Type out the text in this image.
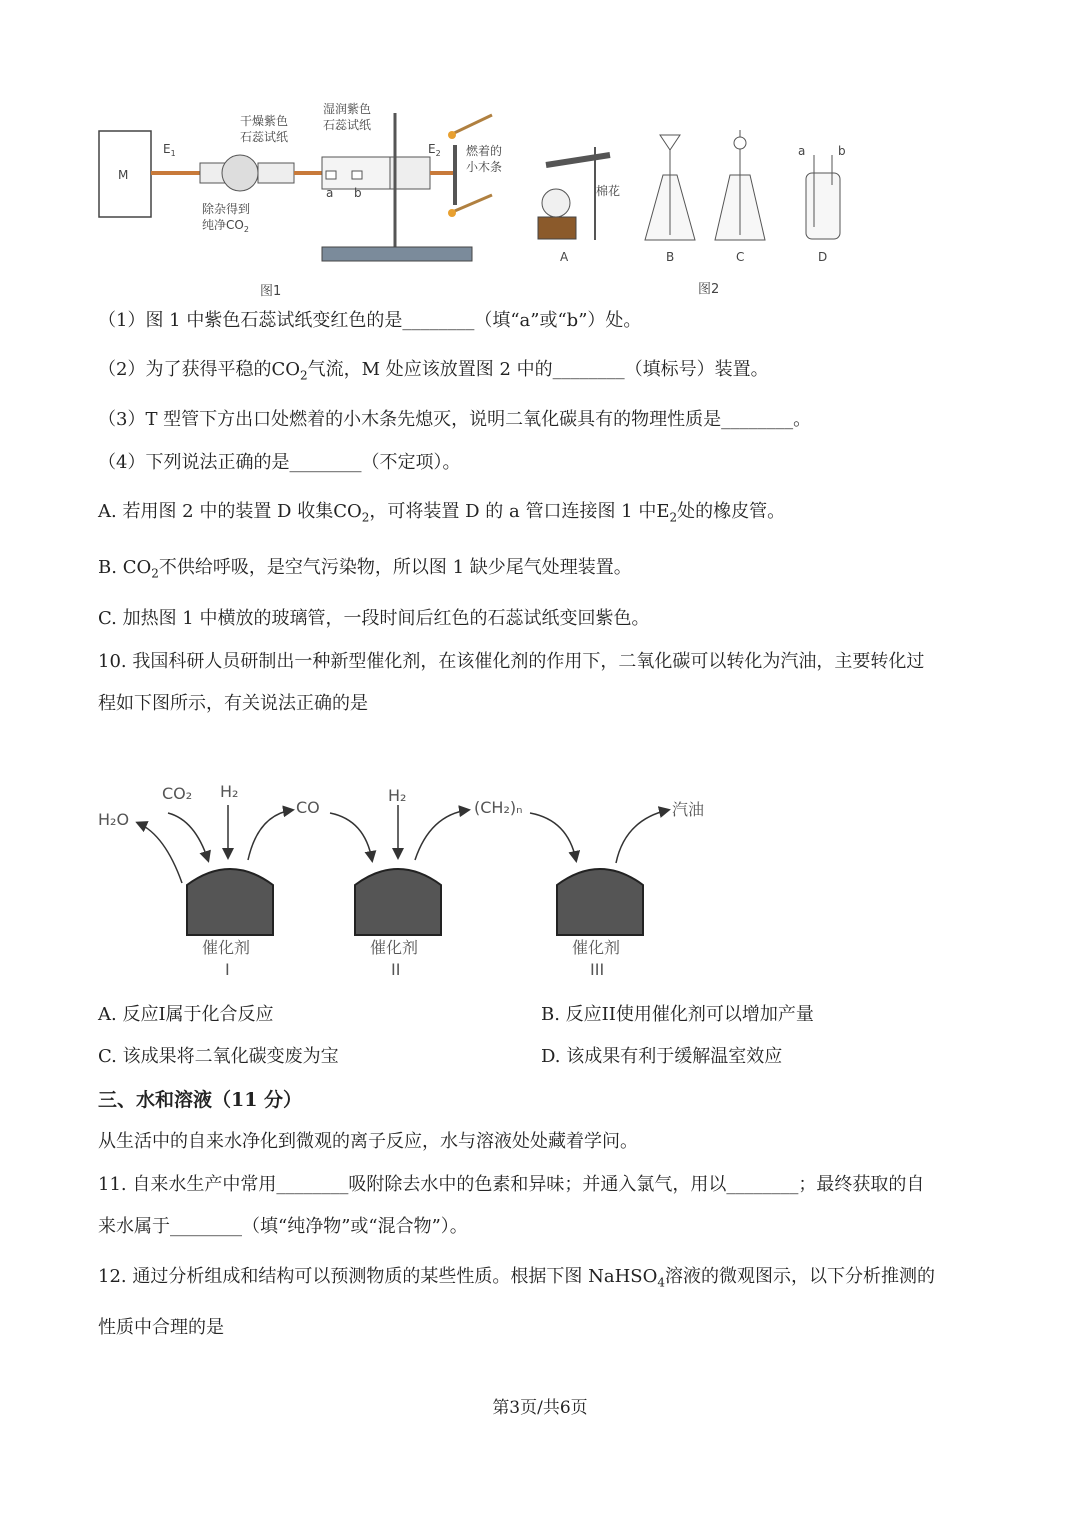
M
$E_1$
a b
$E_2$
干燥紫色
石蕊试纸
湿润紫色
石蕊试纸
除杂得到
纯净$CO_2$
燃着的
小木条
图1
棉花
A	B	C
a	b
D
图2
（1）图 1 中紫色石蕊试纸变红色的是________（填“a”或“b”）处。
（2）为了获得平稳的$CO_2$气流，M 处应该放置图 2 中的________（填标号）装置。
（3）T 型管下方出口处燃着的小木条先熄灭，说明二氧化碳具有的物理性质是________。
（4）下列说法正确的是________（不定项）。
A. 若用图 2 中的装置 D 收集$CO_2$，可将装置 D 的 a 管口连接图 1 中$E_2$处的橡皮管。
B. $CO_2$不供给呼吸，是空气污染物，所以图 1 缺少尾气处理装置。
C. 加热图 1 中横放的玻璃管，一段时间后红色的石蕊试纸变回紫色。
10. 我国科研人员研制出一种新型催化剂，在该催化剂的作用下，二氧化碳可以转化为汽油，主要转化过
程如下图所示，有关说法正确的是
H₂O
CO₂ H₂
CO
H₂
(CH₂)ₙ	汽油
催化剂
I
催化剂
II
催化剂
III
A. 反应I属于化合反应	B. 反应II使用催化剂可以增加产量
C. 该成果将二氧化碳变废为宝	D. 该成果有利于缓解温室效应
三、水和溶液（11 分）
从生活中的自来水净化到微观的离子反应，水与溶液处处藏着学问。
11. 自来水生产中常用________吸附除去水中的色素和异味；并通入氯气，用以________；最终获取的自
来水属于________（填“纯净物”或“混合物”）。
12. 通过分析组成和结构可以预测物质的某些性质。根据下图 NaHSO$_4$溶液的微观图示，以下分析推测的
性质中合理的是
第3页/共6页
